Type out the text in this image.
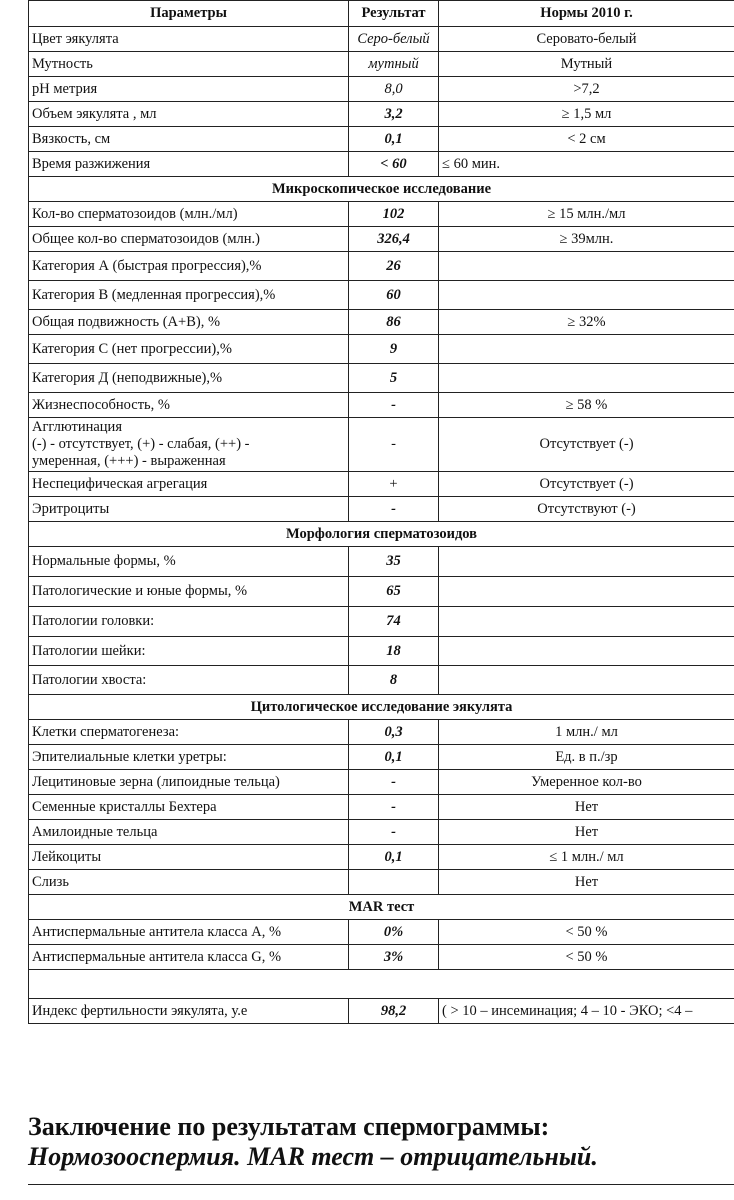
Параметры	Результат	Нормы 2010 г.
Цвет эякулята	Серо-белый	Серовато-белый
Мутность	мутный	Мутный
pH метрия	8,0	>7,2
Объем эякулята , мл	3,2	≥ 1,5 мл
Вязкость, см	0,1	< 2 см
Время разжижения	< 60	≤ 60 мин.
Микроскопическое исследование		
Кол-во сперматозоидов (млн./мл)	102	≥ 15 млн./мл
Общее кол-во сперматозоидов (млн.)	326,4	≥ 39млн.
Категория А (быстрая прогрессия),%	26	
Категория В (медленная прогрессия),%	60	
Общая подвижность (А+В), %	86	≥ 32%
Категория С (нет прогрессии),%	9	
Категория Д (неподвижные),%	5	
Жизнеспособность, %	-	≥ 58 %
Агглютинация
(-) - отсутствует, (+) - слабая, (++) -
умеренная, (+++) - выраженная	-	Отсутствует (-)
Неспецифическая агрегация	+	Отсутствует (-)
Эритроциты	-	Отсутствуют (-)
Морфология сперматозоидов		
Нормальные формы, %	35	
Патологические и юные формы, %	65	
Патологии головки:	74	
Патологии шейки:	18	
Патологии хвоста:	8	
Цитологическое исследование эякулята		
Клетки сперматогенеза:	0,3	1 млн./ мл
Эпителиальные клетки уретры:	0,1	Ед. в п./зр
Лецитиновые зерна (липоидные тельца)	-	Умеренное кол-во
Семенные кристаллы Бехтера	-	Нет
Амилоидные тельца	-	Нет
Лейкоциты	0,1	≤ 1 млн./ мл
Слизь		Нет
MAR тест		
Антиспермальные антитела класса А, %	0%	< 50 %
Антиспермальные антитела класса G, %	3%	< 50 %

Индекс фертильности эякулята, у.е	98,2	( > 10 – инсеминация; 4 – 10 - ЭКО; <4 –
Заключение по результатам спермограммы:
Нормозооспермия. MAR тест – отрицательный.
